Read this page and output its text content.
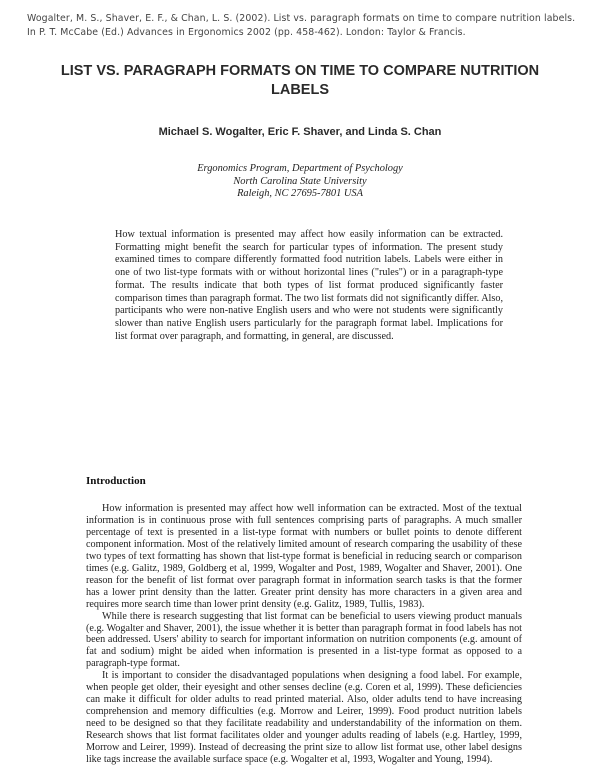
Wogalter, M. S., Shaver, E. F., & Chan, L. S. (2002). List vs. paragraph formats on time to compare nutrition labels. In P. T. McCabe (Ed.) Advances in Ergonomics 2002 (pp. 458-462). London: Taylor & Francis.
LIST VS. PARAGRAPH FORMATS ON TIME TO COMPARE NUTRITION LABELS
Michael S. Wogalter, Eric F. Shaver, and Linda S. Chan
Ergonomics Program, Department of Psychology
North Carolina State University
Raleigh, NC 27695-7801 USA
How textual information is presented may affect how easily information can be extracted. Formatting might benefit the search for particular types of information. The present study examined times to compare differently formatted food nutrition labels. Labels were either in one of two list-type formats with or without horizontal lines ("rules") or in a paragraph-type format. The results indicate that both types of list format produced significantly faster comparison times than paragraph format. The two list formats did not significantly differ. Also, participants who were non-native English users and who were not students were significantly slower than native English users particularly for the paragraph format label. Implications for list format over paragraph, and formatting, in general, are discussed.
Introduction

How information is presented may affect how well information can be extracted. Most of the textual information is in continuous prose with full sentences comprising parts of paragraphs. A much smaller percentage of text is presented in a list-type format with numbers or bullet points to denote different component information. Most of the relatively limited amount of research comparing the usability of these two types of text formatting has shown that list-type format is beneficial in reducing search or comparison times (e.g. Galitz, 1989, Goldberg et al, 1999, Wogalter and Post, 1989, Wogalter and Shaver, 2001). One reason for the benefit of list format over paragraph format in information search tasks is that the former has a lower print density than the latter. Greater print density has more characters in a given area and requires more search time than lower print density (e.g. Galitz, 1989, Tullis, 1983).

While there is research suggesting that list format can be beneficial to users viewing product manuals (e.g. Wogalter and Shaver, 2001), the issue whether it is better than paragraph format in food labels has not been addressed. Users' ability to search for important information on nutrition components (e.g. amount of fat and sodium) might be aided when information is presented in a list-type format as opposed to a paragraph-type format.

It is important to consider the disadvantaged populations when designing a food label. For example, when people get older, their eyesight and other senses decline (e.g. Coren et al, 1999). These deficiencies can make it difficult for older adults to read printed material. Also, older adults tend to have increasing comprehension and memory difficulties (e.g. Morrow and Leirer, 1999). Food product nutrition labels need to be designed so that they facilitate readability and understandability of the information on them. Research shows that list format facilitates older and younger adults reading of labels (e.g. Hartley, 1999, Morrow and Leirer, 1999). Instead of decreasing the print size to allow list format use, other label designs like tags increase the available surface space (e.g. Wogalter et al, 1993, Wogalter and Young, 1994).
